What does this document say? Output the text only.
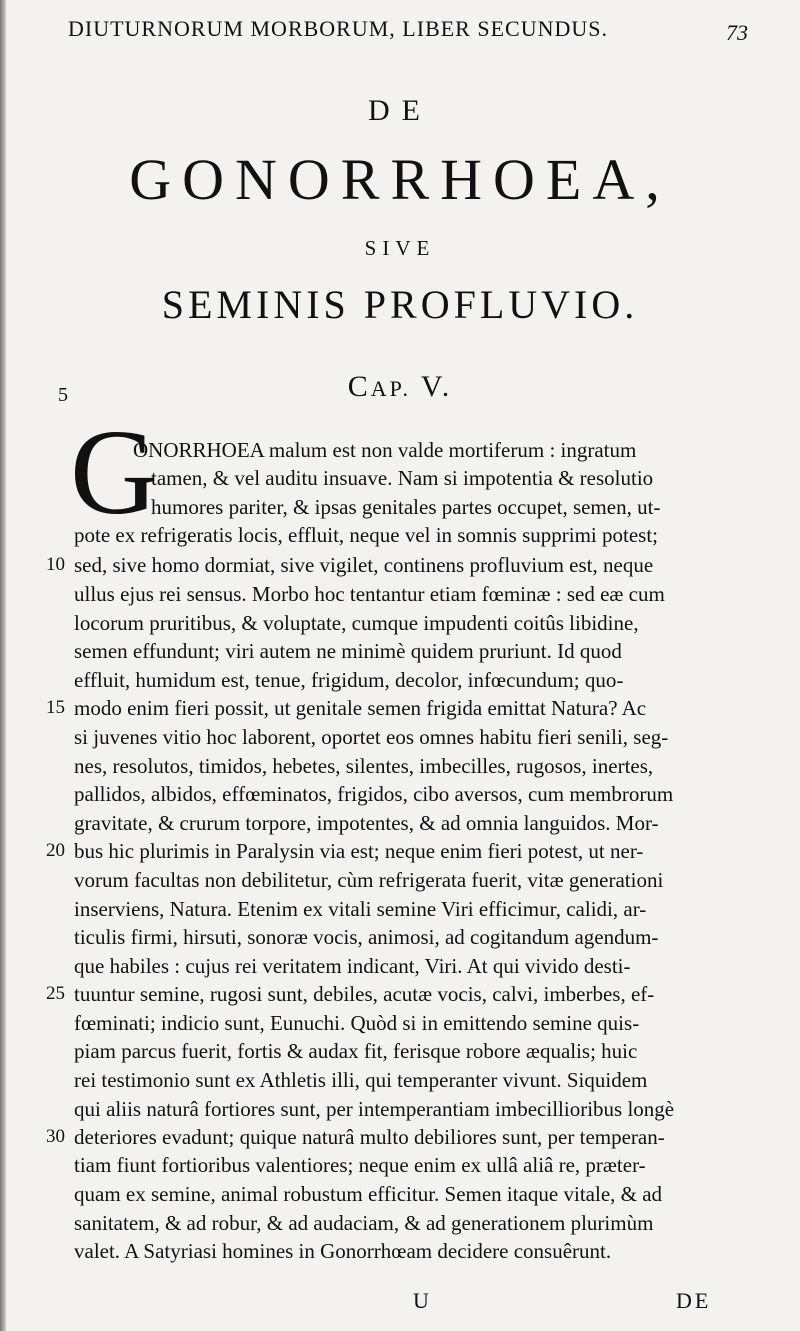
DIUTURNORUM MORBORUM, LIBER SECUNDUS.	73
DE
GONORRHOEA,
SIVE
SEMINIS PROFLUVIO.
5	CAP. V.
G
ONORRHOEA malum est non valde mortiferum : ingratum
tamen, & vel auditu insuave. Nam si impotentia & resolutio
humores pariter, & ipsas genitales partes occupet, semen, ut-
pote ex refrigeratis locis, effluit, neque vel in somnis supprimi potest;
sed, sive homo dormiat, sive vigilet, continens profluvium est, neque
ullus ejus rei sensus. Morbo hoc tentantur etiam fœminæ : sed eæ cum
locorum pruritibus, & voluptate, cumque impudenti coitûs libidine,
semen effundunt; viri autem ne minimè quidem pruriunt. Id quod
effluit, humidum est, tenue, frigidum, decolor, infœcundum; quo-
modo enim fieri possit, ut genitale semen frigida emittat Natura? Ac
si juvenes vitio hoc laborent, oportet eos omnes habitu fieri senili, seg-
nes, resolutos, timidos, hebetes, silentes, imbecilles, rugosos, inertes,
pallidos, albidos, effœminatos, frigidos, cibo aversos, cum membrorum
gravitate, & crurum torpore, impotentes, & ad omnia languidos. Mor-
bus hic plurimis in Paralysin via est; neque enim fieri potest, ut ner-
vorum facultas non debilitetur, cùm refrigerata fuerit, vitæ generationi
inserviens, Natura. Etenim ex vitali semine Viri efficimur, calidi, ar-
ticulis firmi, hirsuti, sonoræ vocis, animosi, ad cogitandum agendum-
que habiles : cujus rei veritatem indicant, Viri. At qui vivido desti-
tuuntur semine, rugosi sunt, debiles, acutæ vocis, calvi, imberbes, ef-
fœminati; indicio sunt, Eunuchi. Quòd si in emittendo semine quis-
piam parcus fuerit, fortis & audax fit, ferisque robore æqualis; huic
rei testimonio sunt ex Athletis illi, qui temperanter vivunt. Siquidem
qui aliis naturâ fortiores sunt, per intemperantiam imbecillioribus longè
deteriores evadunt; quique naturâ multo debiliores sunt, per temperan-
tiam fiunt fortioribus valentiores; neque enim ex ullâ aliâ re, præter-
quam ex semine, animal robustum efficitur. Semen itaque vitale, & ad
sanitatem, & ad robur, & ad audaciam, & ad generationem plurimùm
valet. A Satyriasi homines in Gonorrhœam decidere consuêrunt.
10
15
20
25
30
U	DE
